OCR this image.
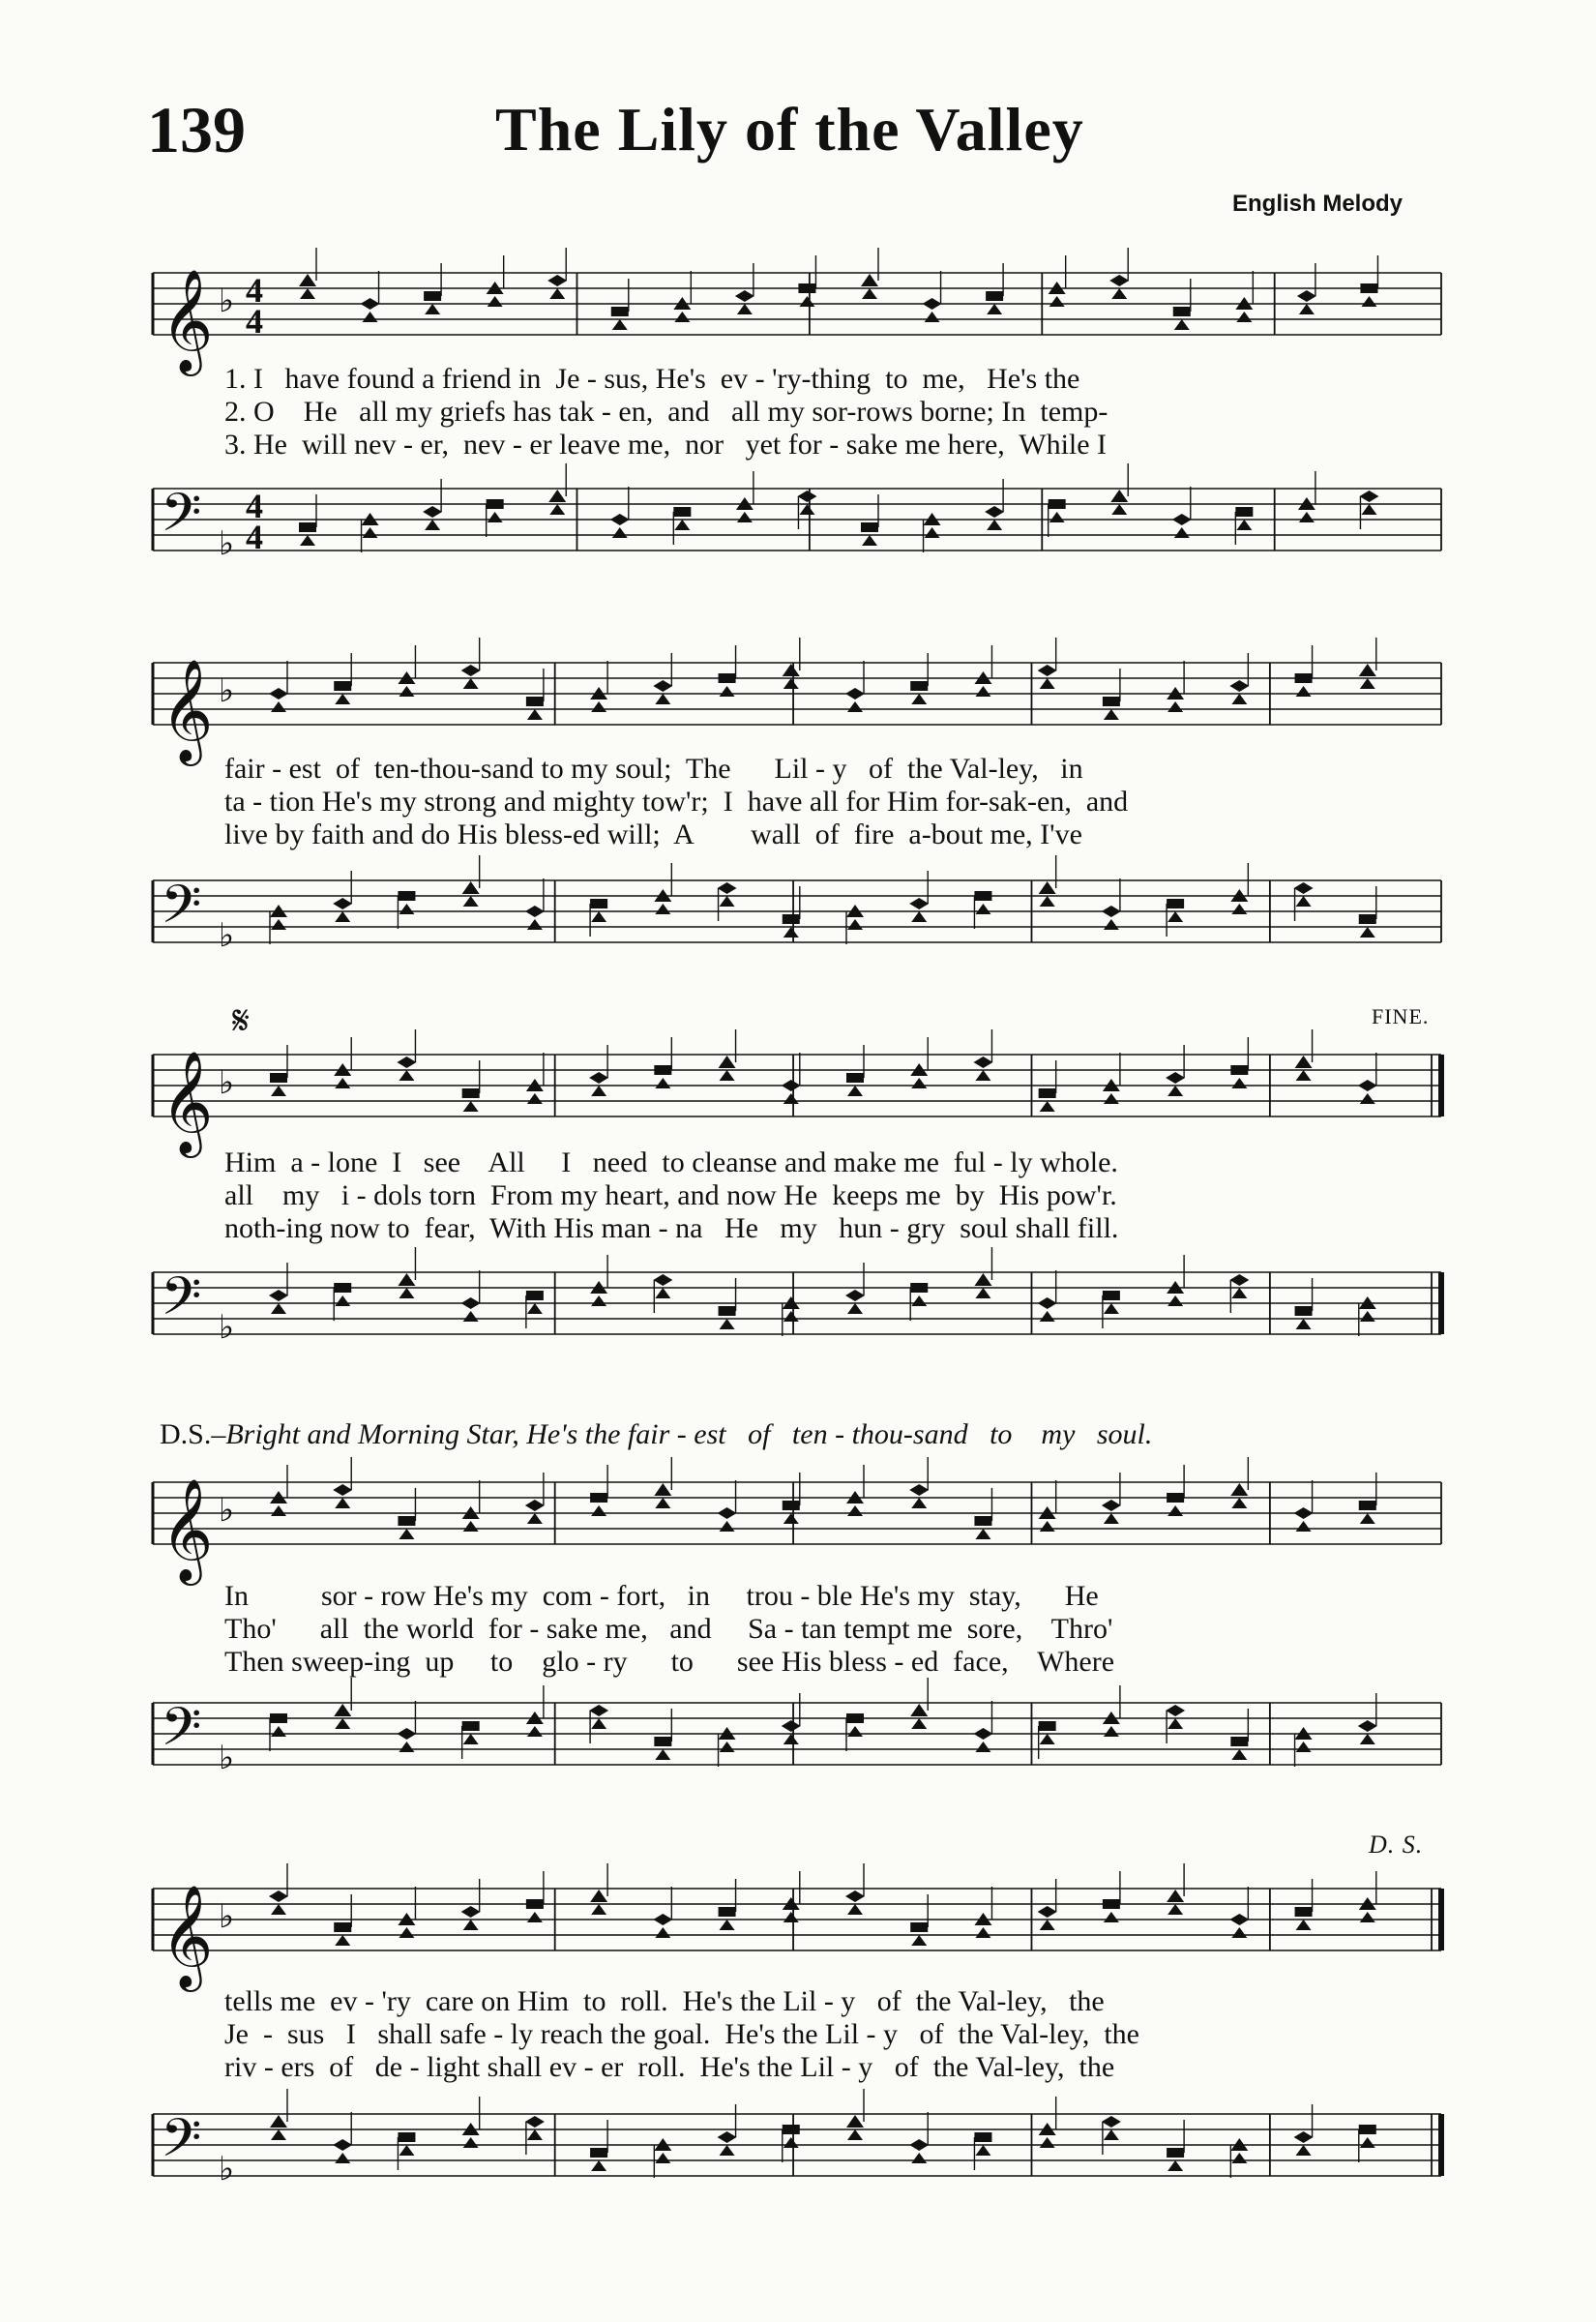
139	The Lily of the Valley
English Melody
𝄞 ♭ 4
4
1. I   have found a friend in  Je - sus, He's  ev - 'ry-thing  to  me,   He's the
2. O    He   all my griefs has tak - en,  and   all my sor-rows borne; In  temp-
3. He  will nev - er,  nev - er leave me,  nor   yet for - sake me here,  While I
𝄢 ♭
4
4
𝄞 ♭
fair - est  of  ten-thou-sand to my soul;  The      Lil - y   of  the Val-ley,   in
ta - tion He's my strong and mighty tow'r;  I  have all for Him for-sak-en,  and
live by faith and do His bless-ed will;  A        wall  of  fire  a-bout me, I've
𝄢 ♭
𝄋	FINE.
𝄞 ♭
Him  a - lone  I   see    All     I   need  to cleanse and make me  ful - ly whole.
all    my   i - dols torn  From my heart, and now He  keeps me  by  His pow'r.
noth-ing now to  fear,  With His man - na   He   my   hun - gry  soul shall fill.
𝄢 ♭

D.S.–Bright and Morning Star, He's the fair - est   of   ten - thou-sand   to    my   soul.

𝄞 ♭
In          sor - row He's my  com - fort,   in     trou - ble He's my  stay,      He
Tho'      all  the world  for - sake me,   and     Sa - tan tempt me  sore,    Thro'
Then sweep-ing  up     to    glo - ry      to      see His bless - ed  face,    Where
𝄢 ♭
D. S.
𝄞 ♭
tells me  ev - 'ry  care on Him  to  roll.  He's the Lil - y   of  the Val-ley,   the
Je  -  sus   I   shall safe - ly reach the goal.  He's the Lil - y   of  the Val-ley,  the
riv - ers  of   de - light shall ev - er  roll.  He's the Lil - y   of  the Val-ley,  the
𝄢 ♭
